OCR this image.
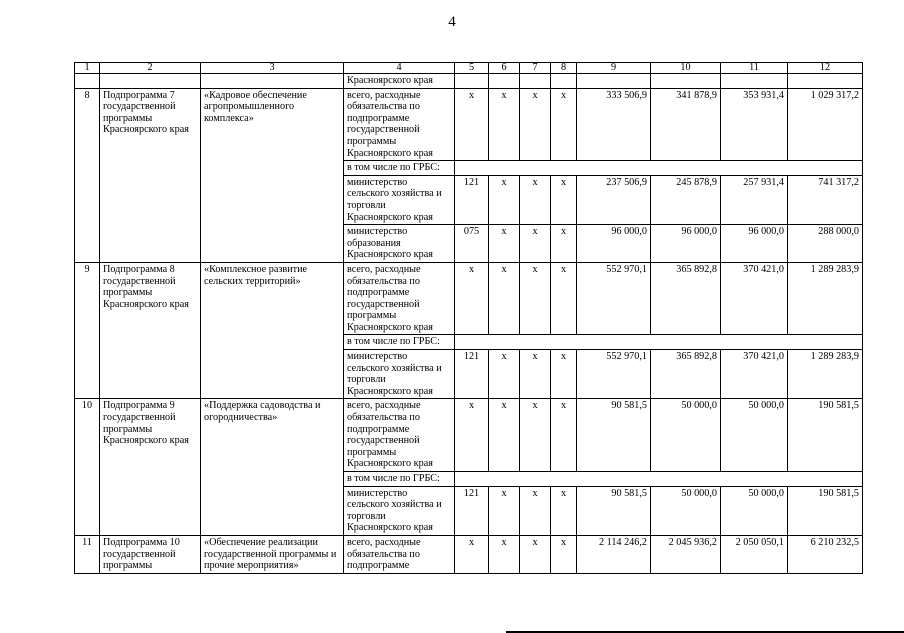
4
1	2	3	4	5	6	7	8	9	10	11	12
			Красноярского края								
8	Подпрограмма 7 государственной программы Красноярского края	«Кадровое обеспечение агропромышленного комплекса»	всего, расходные обязательства по подпрограмме государственной программы Красноярского края	x	x	x	x	333 506,9	341 878,9	353 931,4	1 029 317,2
			в том числе по ГРБС:								
			министерство сельского хозяйства и торговли Красноярского края	121	x	x	x	237 506,9	245 878,9	257 931,4	741 317,2
			министерство образования Красноярского края	075	x	x	x	96 000,0	96 000,0	96 000,0	288 000,0
9	Подпрограмма 8 государственной программы Красноярского края	«Комплексное развитие сельских территорий»	всего, расходные обязательства по подпрограмме государственной программы Красноярского края	x	x	x	x	552 970,1	365 892,8	370 421,0	1 289 283,9
			в том числе по ГРБС:								
			министерство сельского хозяйства и торговли Красноярского края	121	x	x	x	552 970,1	365 892,8	370 421,0	1 289 283,9
10	Подпрограмма 9 государственной программы Красноярского края	«Поддержка садоводства и огородничества»	всего, расходные обязательства по подпрограмме государственной программы Красноярского края	x	x	x	x	90 581,5	50 000,0	50 000,0	190 581,5
			в том числе по ГРБС:								
			министерство сельского хозяйства и торговли Красноярского края	121	x	x	x	90 581,5	50 000,0	50 000,0	190 581,5
11	Подпрограмма 10 государственной программы	«Обеспечение реализации государственной программы и прочие мероприятия»	всего, расходные обязательства по подпрограмме	x	x	x	x	2 114 246,2	2 045 936,2	2 050 050,1	6 210 232,5
